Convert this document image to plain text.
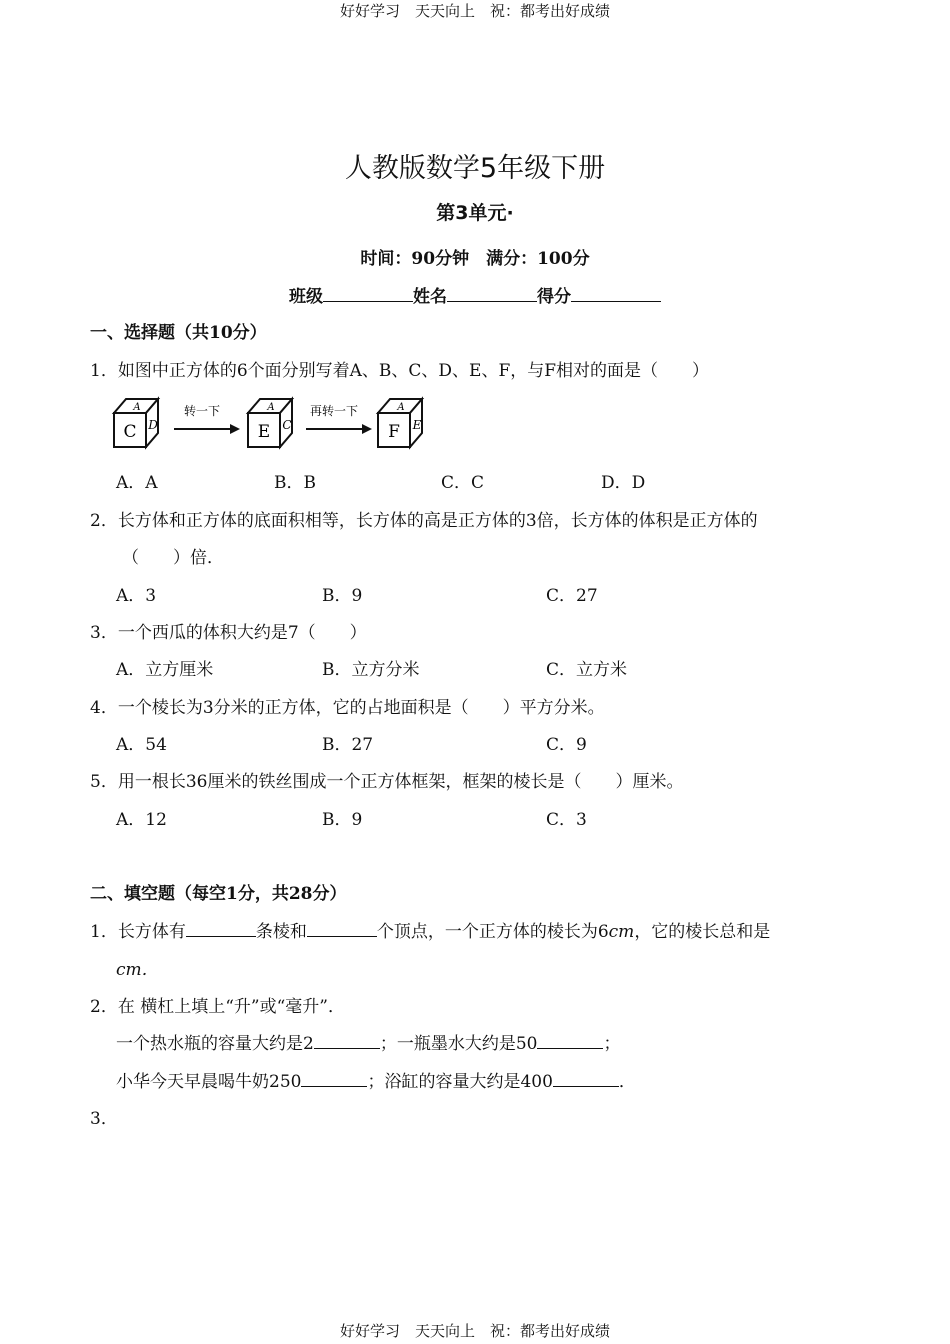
好好学习　天天向上　祝：都考出好成绩
好好学习　天天向上　祝：都考出好成绩
人教版数学5年级下册
第3单元·
时间：90分钟　满分：100分
班级	姓名	得分
一、选择题（共10分）
1．如图中正方体的6个面分别写着A、B、C、D、E、F，与F相对的面是（　　）
C
A
D
转一下
E
A
C
再转一下
F
A
E
A．A	B．B	C．C	D．D
2．长方体和正方体的底面积相等，长方体的高是正方体的3倍，长方体的体积是正方体的
（　　）倍．
A．3	B．9	C．27
3．一个西瓜的体积大约是7（　　）
A．立方厘米	B．立方分米	C．立方米
4．一个棱长为3分米的正方体，它的占地面积是（　　）平方分米。
A．54	B．27	C．9
5．用一根长36厘米的铁丝围成一个正方体框架，框架的棱长是（　　）厘米。
A．12	B．9	C．3
二、填空题（每空1分，共28分）
1．长方体有	条棱和	个顶点，一个正方体的棱长为6cm，它的棱长总和是
cm．
2．在 横杠上填上“升”或“毫升”．
一个热水瓶的容量大约是2	；一瓶墨水大约是50	；
小华今天早晨喝牛奶250	；浴缸的容量大约是400	．
3．
